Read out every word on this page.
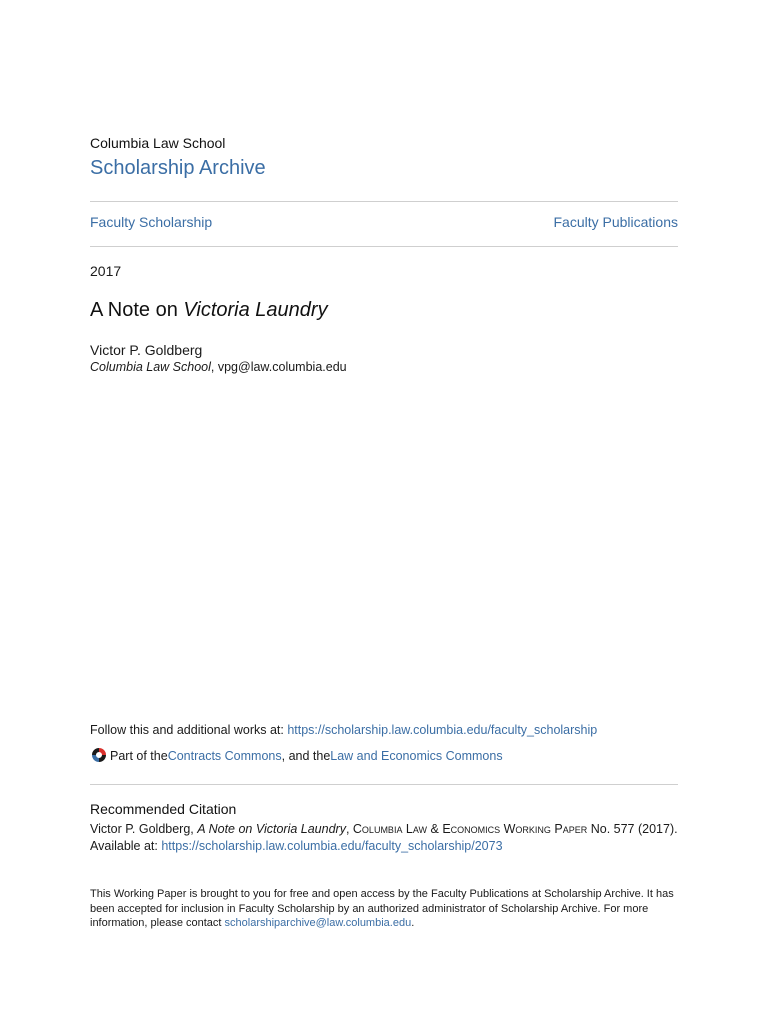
Columbia Law School
Scholarship Archive
Faculty Scholarship	Faculty Publications
2017
A Note on Victoria Laundry
Victor P. Goldberg
Columbia Law School, vpg@law.columbia.edu
Follow this and additional works at: https://scholarship.law.columbia.edu/faculty_scholarship
Part of the Contracts Commons , and the Law and Economics Commons
Recommended Citation
Victor P. Goldberg, A Note on Victoria Laundry, Columbia Law & Economics Working Paper No. 577 (2017).
Available at: https://scholarship.law.columbia.edu/faculty_scholarship/2073
This Working Paper is brought to you for free and open access by the Faculty Publications at Scholarship Archive. It has been accepted for inclusion in Faculty Scholarship by an authorized administrator of Scholarship Archive. For more information, please contact scholarshiparchive@law.columbia.edu.
